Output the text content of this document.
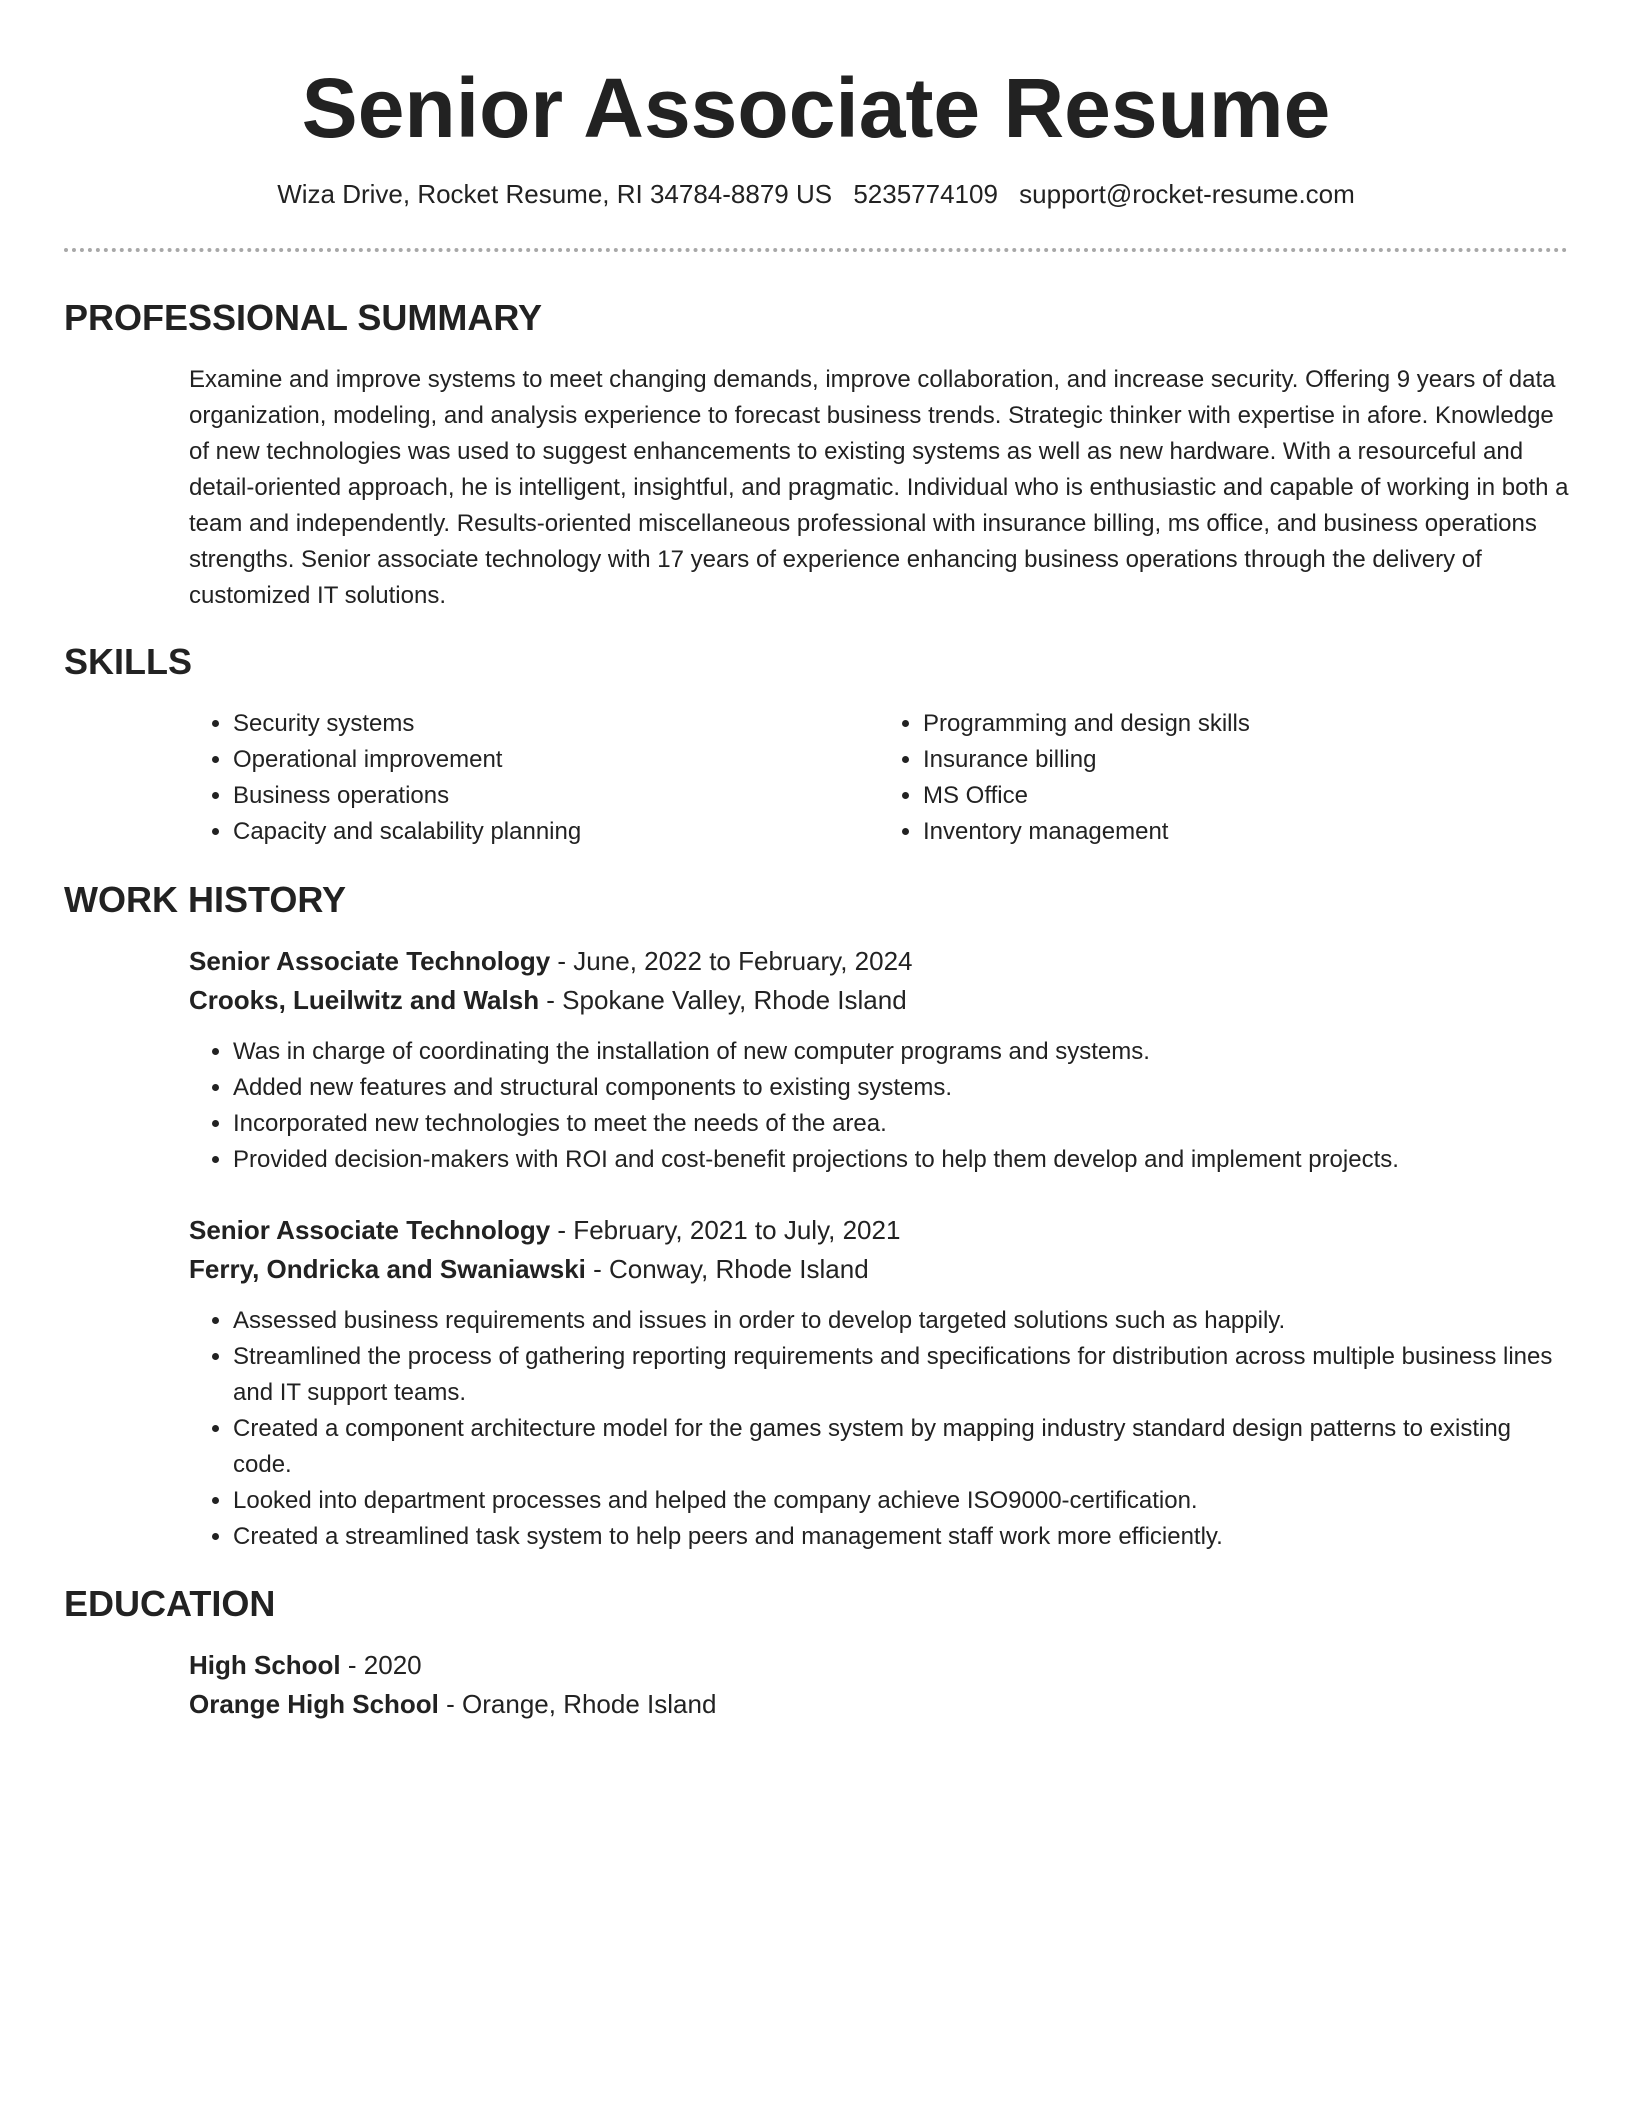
Senior Associate Resume
Wiza Drive, Rocket Resume, RI 34784-8879 US 5235774109 support@rocket-resume.com
PROFESSIONAL SUMMARY

Examine and improve systems to meet changing demands, improve collaboration, and increase security. Offering 9 years of data organization, modeling, and analysis experience to forecast business trends. Strategic thinker with expertise in afore. Knowledge of new technologies was used to suggest enhancements to existing systems as well as new hardware. With a resourceful and detail-oriented approach, he is intelligent, insightful, and pragmatic. Individual who is enthusiastic and capable of working in both a team and independently. Results-oriented miscellaneous professional with insurance billing, ms office, and business operations strengths. Senior associate technology with 17 years of experience enhancing business operations through the delivery of customized IT solutions.

SKILLS
• Security systems
• Operational improvement
• Business operations
• Capacity and scalability planning
• Programming and design skills
• Insurance billing
• MS Office
• Inventory management
WORK HISTORY
Senior Associate Technology - June, 2022 to February, 2024
Crooks, Lueilwitz and Walsh - Spokane Valley, Rhode Island
• Was in charge of coordinating the installation of new computer programs and systems.
• Added new features and structural components to existing systems.
• Incorporated new technologies to meet the needs of the area.
• Provided decision-makers with ROI and cost-benefit projections to help them develop and implement projects.
Senior Associate Technology - February, 2021 to July, 2021
Ferry, Ondricka and Swaniawski - Conway, Rhode Island
• Assessed business requirements and issues in order to develop targeted solutions such as happily.
• Streamlined the process of gathering reporting requirements and specifications for distribution across multiple business lines and IT support teams.
• Created a component architecture model for the games system by mapping industry standard design patterns to existing code.
• Looked into department processes and helped the company achieve ISO9000-certification.
• Created a streamlined task system to help peers and management staff work more efficiently.
EDUCATION
High School - 2020
Orange High School - Orange, Rhode Island
